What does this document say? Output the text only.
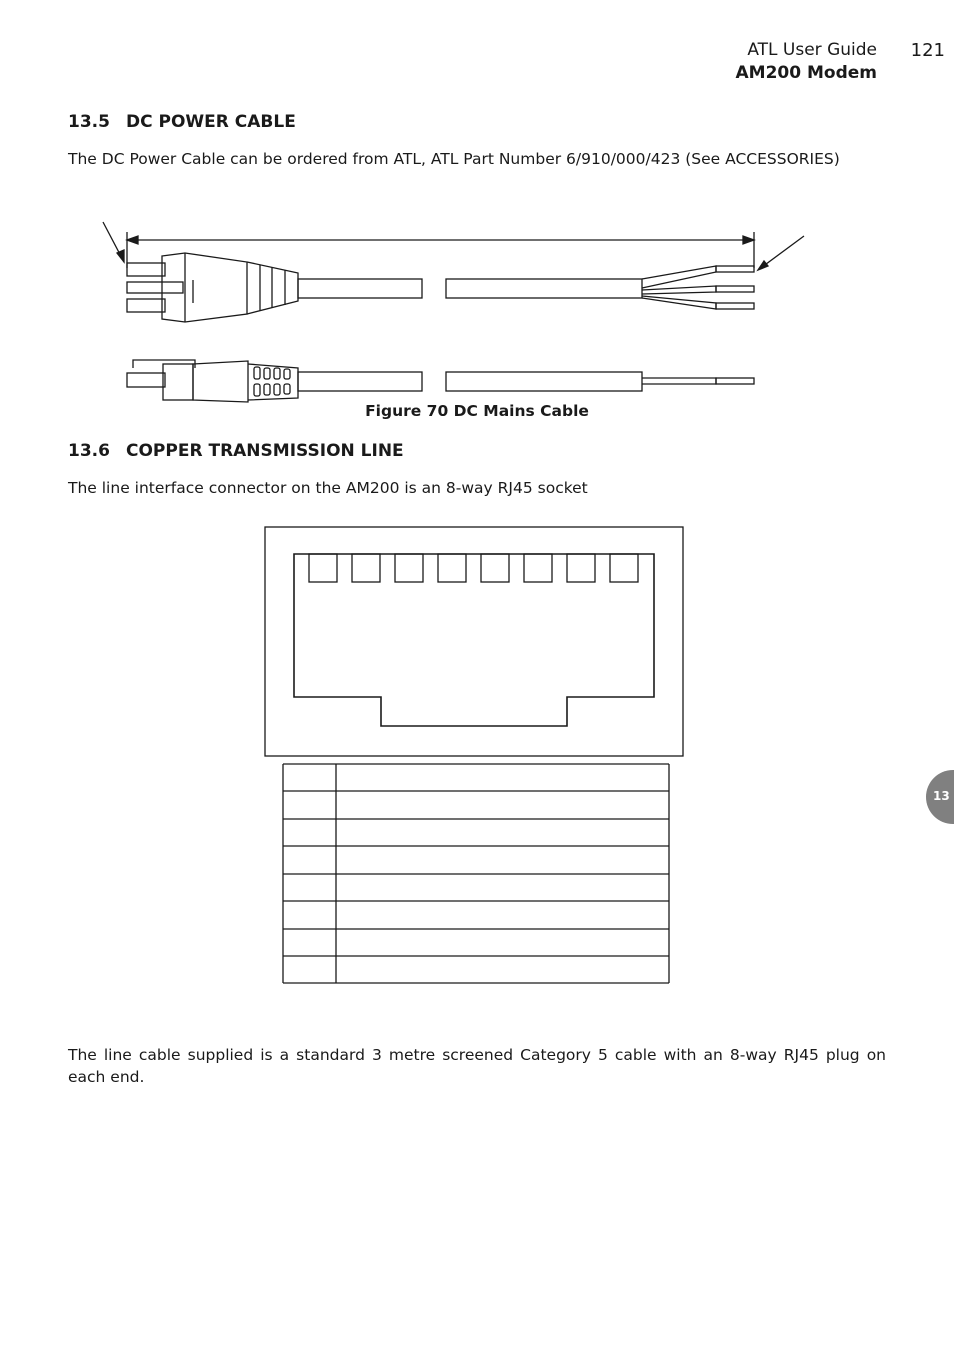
ATL User Guide
AM200 Modem
121
13.5 DC POWER CABLE
The DC Power Cable can be ordered from ATL, ATL Part Number 6/910/000/423 (See ACCESSORIES)
Figure 70 DC Mains Cable
13.6 COPPER TRANSMISSION LINE
The line interface connector on the AM200 is an 8-way RJ45 socket
The line cable supplied is a standard 3 metre screened Category 5 cable with an 8-way RJ45 plug on each end.
13
